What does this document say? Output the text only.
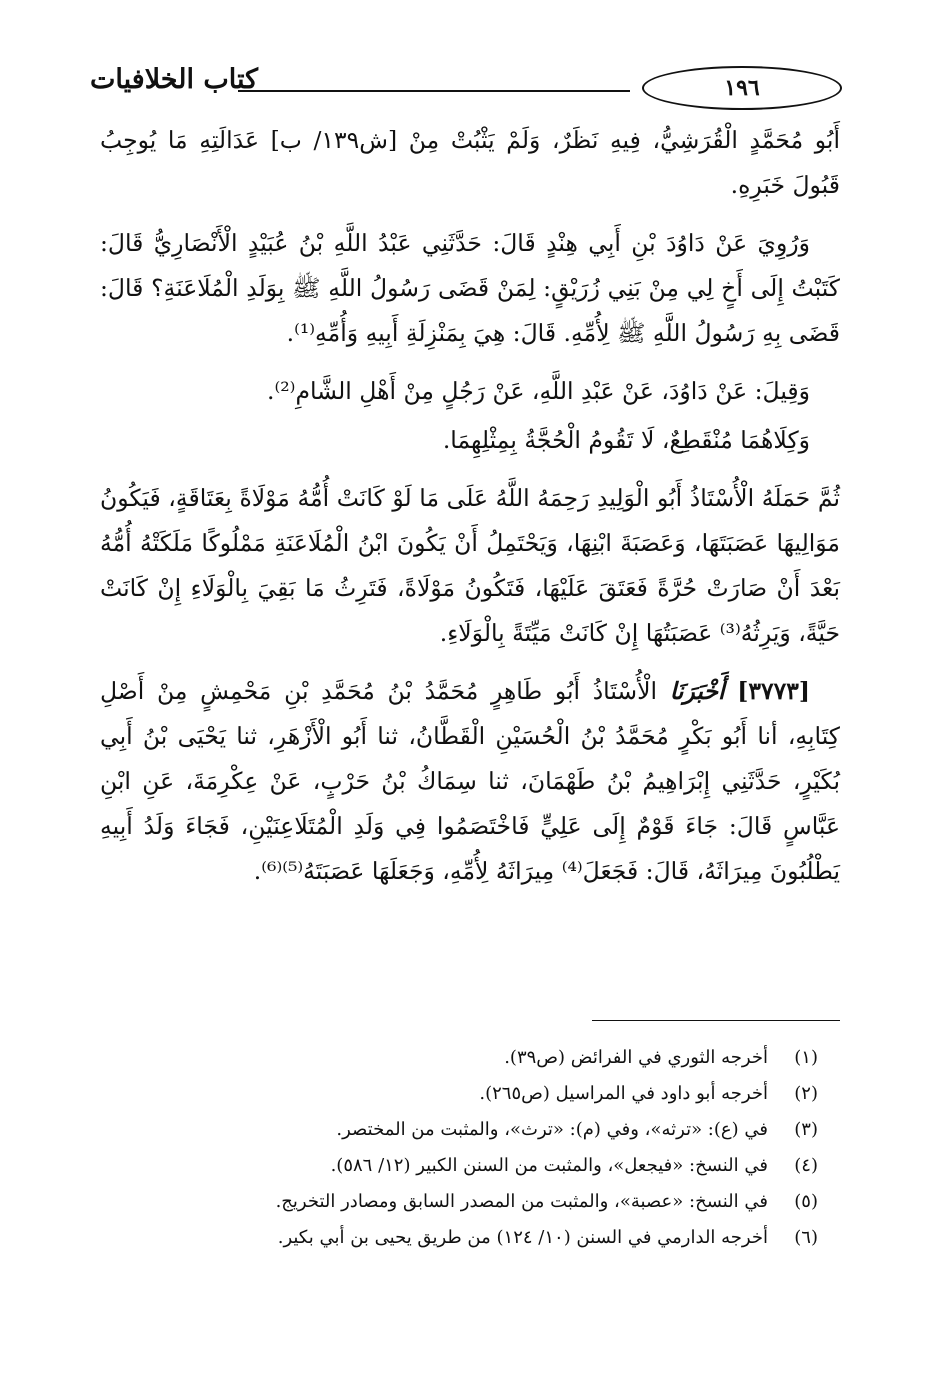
كتاب الخلافيات	١٩٦

أَبُو مُحَمَّدٍ الْقُرَشِيُّ، فِيهِ نَظَرٌ، وَلَمْ يَثْبُتْ مِنْ [ش١٣٩/ ب] عَدَالَتِهِ مَا يُوجِبُ قَبُولَ خَبَرِهِ.

وَرُوِيَ عَنْ دَاوُدَ بْنِ أَبِي هِنْدٍ قَالَ: حَدَّثَنِي عَبْدُ اللَّهِ بْنُ عُبَيْدٍ الْأَنْصَارِيُّ قَالَ: كَتَبْتُ إِلَى أَخٍ لِي مِنْ بَنِي زُرَيْقٍ: لِمَنْ قَضَى رَسُولُ اللَّهِ ﷺ بِوَلَدِ الْمُلَاعَنَةِ؟ قَالَ: قَضَى بِهِ رَسُولُ اللَّهِ ﷺ لِأُمِّهِ. قَالَ: هِيَ بِمَنْزِلَةِ أَبِيهِ وَأُمِّهِ⁽¹⁾.

وَقِيلَ: عَنْ دَاوُدَ، عَنْ عَبْدِ اللَّهِ، عَنْ رَجُلٍ مِنْ أَهْلِ الشَّامِ⁽²⁾.

وَكِلَاهُمَا مُنْقَطِعٌ، لَا تَقُومُ الْحُجَّةُ بِمِثْلِهِمَا.

ثُمَّ حَمَلَهُ الْأُسْتَاذُ أَبُو الْوَلِيدِ رَحِمَهُ اللَّهُ عَلَى مَا لَوْ كَانَتْ أُمُّهُ مَوْلَاةً بِعَتَاقَةٍ، فَيَكُونُ مَوَالِيهَا عَصَبَتَهَا، وَعَصَبَةَ ابْنِهَا، وَيَحْتَمِلُ أَنْ يَكُونَ ابْنُ الْمُلَاعَنَةِ مَمْلُوكًا مَلَكَتْهُ أُمُّهُ بَعْدَ أَنْ صَارَتْ حُرَّةً فَعَتَقَ عَلَيْهَا، فَتَكُونُ مَوْلَاةً، فَتَرِثُ مَا بَقِيَ بِالْوَلَاءِ إِنْ كَانَتْ حَيَّةً، وَيَرِثُهُ⁽³⁾ عَصَبَتُهَا إِنْ كَانَتْ مَيِّتَةً بِالْوَلَاءِ.

[٣٧٧٣] أَخْبَرَنَا الْأُسْتَاذُ أَبُو طَاهِرٍ مُحَمَّدُ بْنُ مُحَمَّدِ بْنِ مَحْمِشٍ مِنْ أَصْلِ كِتَابِهِ، أنا أَبُو بَكْرٍ مُحَمَّدُ بْنُ الْحُسَيْنِ الْقَطَّانُ، ثنا أَبُو الْأَزْهَرِ، ثنا يَحْيَى بْنُ أَبِي بُكَيْرٍ، حَدَّثَنِي إِبْرَاهِيمُ بْنُ طَهْمَانَ، ثنا سِمَاكُ بْنُ حَرْبٍ، عَنْ عِكْرِمَةَ، عَنِ ابْنِ عَبَّاسٍ قَالَ: جَاءَ قَوْمٌ إِلَى عَلِيٍّ فَاخْتَصَمُوا فِي وَلَدِ الْمُتَلَاعِنَيْنِ، فَجَاءَ وَلَدُ أَبِيهِ يَطْلُبُونَ مِيرَاثَهُ، قَالَ: فَجَعَلَ⁽⁴⁾ مِيرَاثَهُ لِأُمِّهِ، وَجَعَلَهَا عَصَبَتَهُ⁽⁵⁾⁽⁶⁾.

(١)
أخرجه الثوري في الفرائض (ص٣٩).
(٢)
أخرجه أبو داود في المراسيل (ص٢٦٥).
(٣)
في (ع): «ترثه»، وفي (م): «ترث»، والمثبت من المختصر.
(٤)
في النسخ: «فيجعل»، والمثبت من السنن الكبير (١٢/ ٥٨٦).
(٥)
في النسخ: «عصبة»، والمثبت من المصدر السابق ومصادر التخريج.
(٦)
أخرجه الدارمي في السنن (١٠/ ١٢٤) من طريق يحيى بن أبي بكير.
